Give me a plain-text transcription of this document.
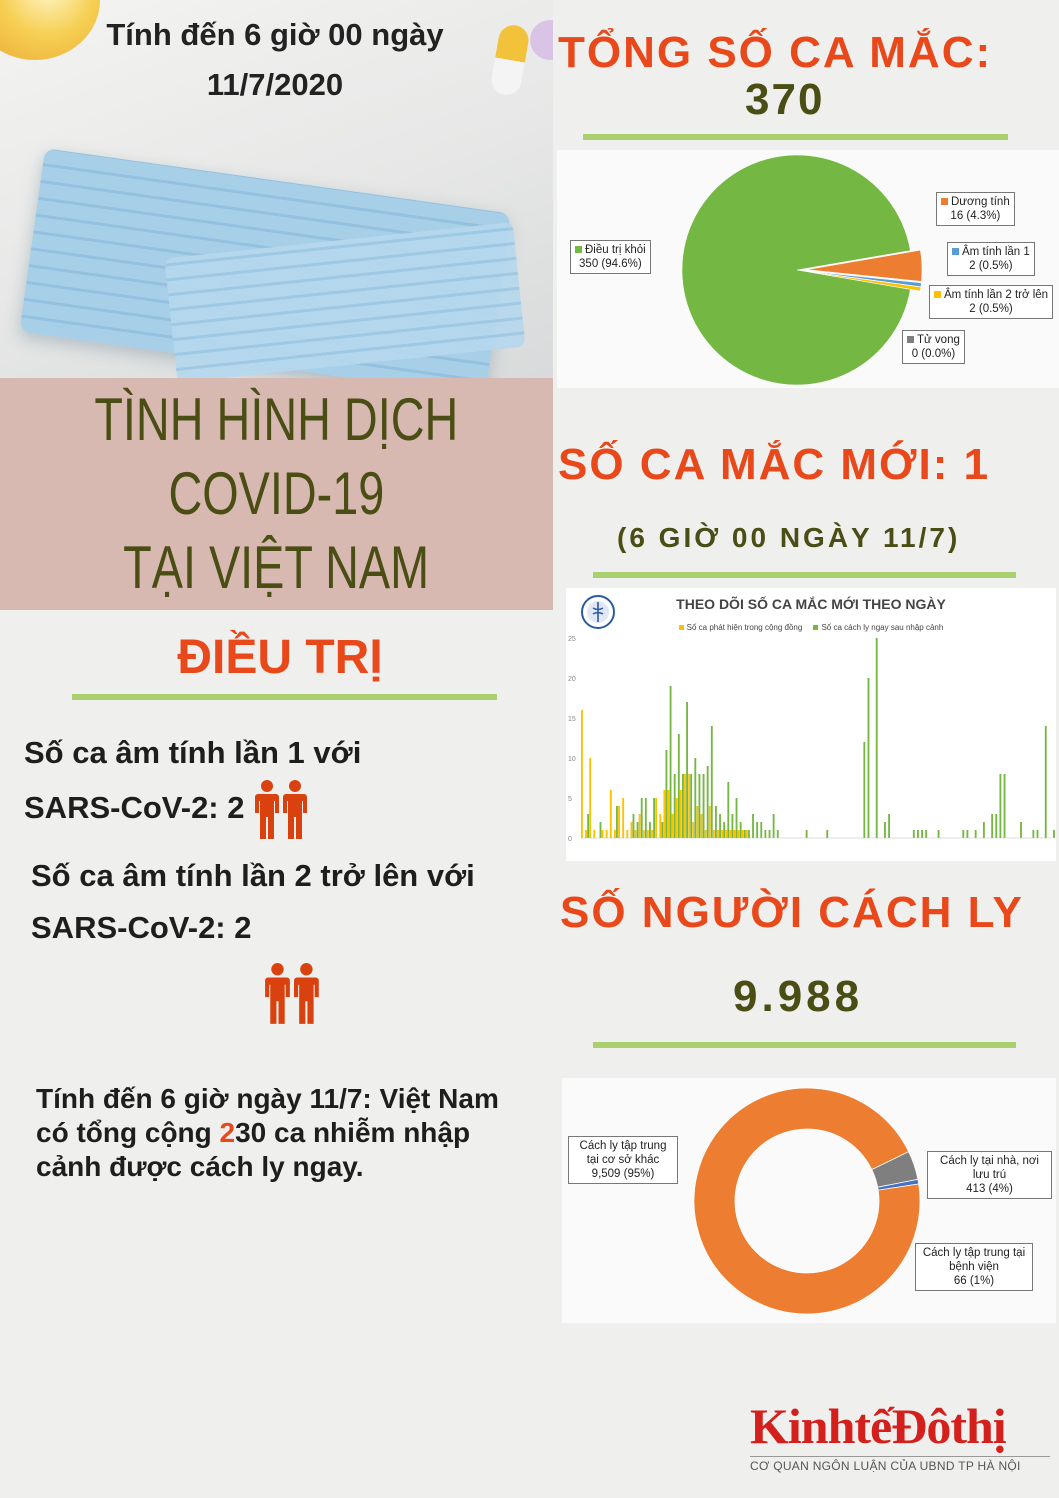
Tính đến 6 giờ 00 ngày
11/7/2020
TÌNH HÌNH DỊCH
COVID-19
TẠI VIỆT NAM
ĐIỀU TRỊ
Số ca âm tính lần 1 với
SARS-CoV-2: 2
Số ca âm tính lần 2 trở lên với
SARS-CoV-2: 2
Tính đến 6 giờ ngày 11/7: Việt Nam có tổng cộng 230 ca nhiễm nhập cảnh được cách ly ngay.
TỔNG SỐ CA MẮC:
370
Điều trị khỏi
350 (94.6%)
Dương tính
16 (4.3%)
Âm tính lần 1
2 (0.5%)
Âm tính lần 2 trở lên
2 (0.5%)
Tử vong
0 (0.0%)
SỐ CA MẮC MỚI: 1
(6 GIỜ 00 NGÀY 11/7)
THEO DÕI SỐ CA MẮC MỚI THEO NGÀY
Số ca phát hiện trong cộng đồng Số ca cách ly ngay sau nhập cảnh
0
5
10
15
20
25
SỐ NGƯỜI CÁCH LY
9.988
Cách ly tập trung tại cơ sở khác
9,509 (95%)
Cách ly tại nhà, nơi lưu trú
413 (4%)
Cách ly tập trung tại bệnh viện
66 (1%)
KinhtếĐôthị
CƠ QUAN NGÔN LUẬN CỦA UBND TP HÀ NỘI
